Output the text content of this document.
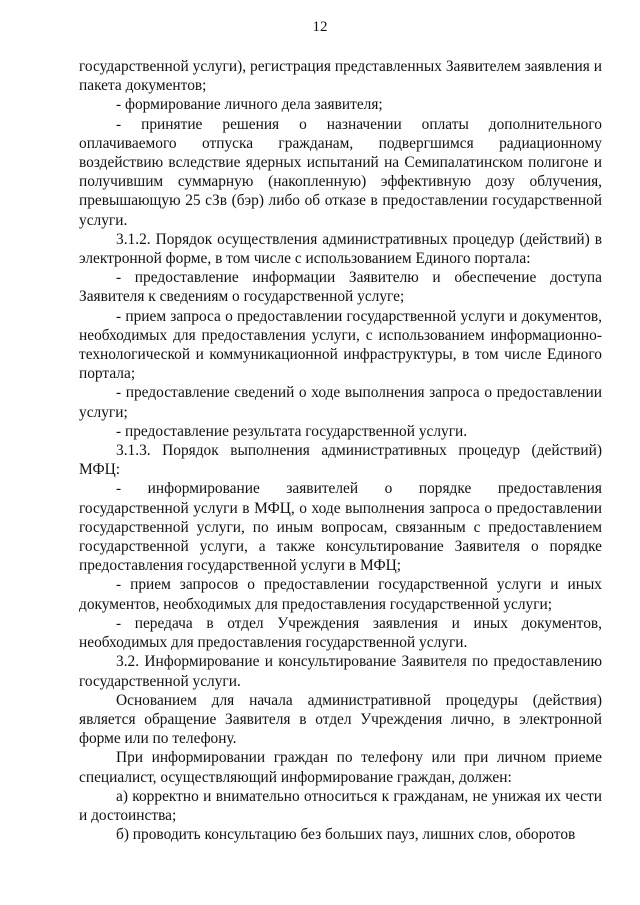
12

государственной услуги), регистрация представленных Заявителем заявления и пакета документов;

- формирование личного дела заявителя;

- принятие решения о назначении оплаты дополнительного оплачиваемого отпуска гражданам, подвергшимся радиационному воздействию вследствие ядерных испытаний на Семипалатинском полигоне и получившим суммарную (накопленную) эффективную дозу облучения, превышающую 25 сЗв (бэр) либо об отказе в предоставлении государственной услуги.

3.1.2. Порядок осуществления административных процедур (действий) в электронной форме, в том числе с использованием Единого портала:

- предоставление информации Заявителю и обеспечение доступа Заявителя к сведениям о государственной услуге;

- прием запроса о предоставлении государственной услуги и документов, необходимых для предоставления услуги, с использованием информационно-технологической и коммуникационной инфраструктуры, в том числе Единого портала;

- предоставление сведений о ходе выполнения запроса о предоставлении услуги;

- предоставление результата государственной услуги.

3.1.3. Порядок выполнения административных процедур (действий) МФЦ:

- информирование заявителей о порядке предоставления государственной услуги в МФЦ, о ходе выполнения запроса о предоставлении государственной услуги, по иным вопросам, связанным с предоставлением государственной услуги, а также консультирование Заявителя о порядке предоставления государственной услуги в МФЦ;

- прием запросов о предоставлении государственной услуги и иных документов, необходимых для предоставления государственной услуги;

- передача в отдел Учреждения заявления и иных документов, необходимых для предоставления государственной услуги.

3.2. Информирование и консультирование Заявителя по предоставлению государственной услуги.

Основанием для начала административной процедуры (действия) является обращение Заявителя в отдел Учреждения лично, в электронной форме или по телефону.

При информировании граждан по телефону или при личном приеме специалист, осуществляющий информирование граждан, должен:

а) корректно и внимательно относиться к гражданам, не унижая их чести и достоинства;

б) проводить консультацию без больших пауз, лишних слов, оборотов
